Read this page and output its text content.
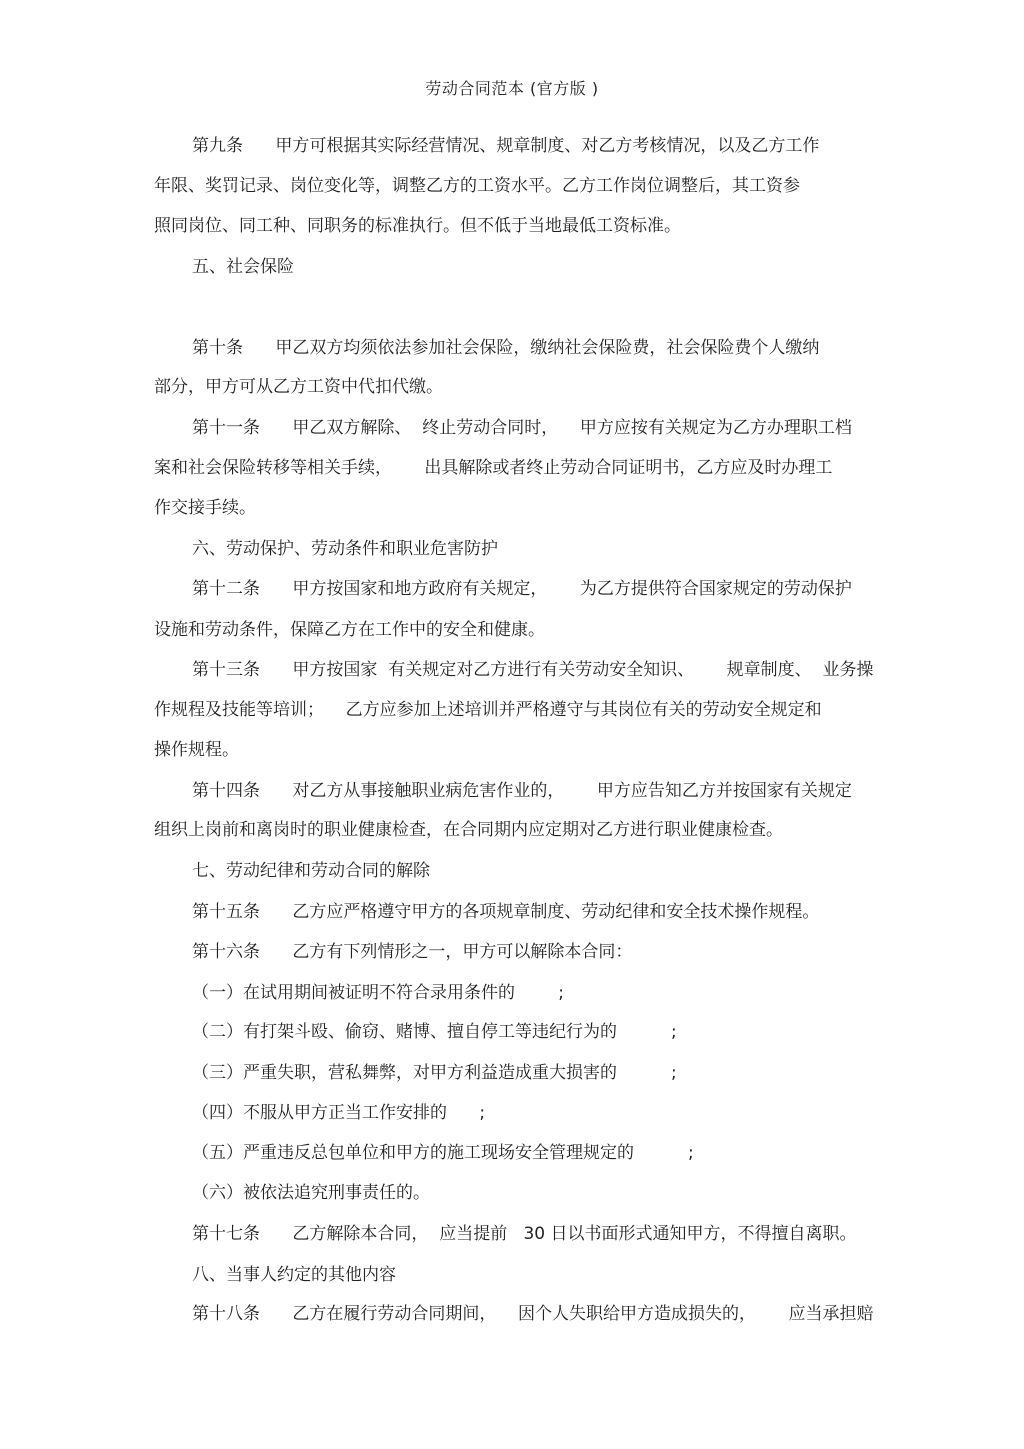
劳动合同范本 (官方版 )
第九条      甲方可根据其实际经营情况、规章制度、对乙方考核情况，以及乙方工作
年限、奖罚记录、岗位变化等，调整乙方的工资水平。乙方工作岗位调整后，其工资参
照同岗位、同工种、同职务的标准执行。但不低于当地最低工资标准。
五、社会保险
第十条      甲乙双方均须依法参加社会保险，缴纳社会保险费，社会保险费个人缴纳
部分，甲方可从乙方工资中代扣代缴。
第十一条      甲乙双方解除、  终止劳动合同时，    甲方应按有关规定为乙方办理职工档
案和社会保险转移等相关手续，      出具解除或者终止劳动合同证明书，乙方应及时办理工
作交接手续。
六、劳动保护、劳动条件和职业危害防护
第十二条      甲方按国家和地方政府有关规定，      为乙方提供符合国家规定的劳动保护
设施和劳动条件，保障乙方在工作中的安全和健康。
第十三条      甲方按国家  有关规定对乙方进行有关劳动安全知识、      规章制度、  业务操
作规程及技能等培训；    乙方应参加上述培训并严格遵守与其岗位有关的劳动安全规定和
操作规程。
第十四条      对乙方从事接触职业病危害作业的，      甲方应告知乙方并按国家有关规定
组织上岗前和离岗时的职业健康检查，在合同期内应定期对乙方进行职业健康检查。
七、劳动纪律和劳动合同的解除
第十五条      乙方应严格遵守甲方的各项规章制度、劳动纪律和安全技术操作规程。
第十六条      乙方有下列情形之一，甲方可以解除本合同：
（一）在试用期间被证明不符合录用条件的        ;
（二）有打架斗殴、偷窃、赌博、擅自停工等违纪行为的          ;
（三）严重失职，营私舞弊，对甲方利益造成重大损害的          ;
（四）不服从甲方正当工作安排的      ;
（五）严重违反总包单位和甲方的施工现场安全管理规定的          ;
（六）被依法追究刑事责任的。
第十七条      乙方解除本合同，  应当提前   30 日以书面形式通知甲方，不得擅自离职。
八、当事人约定的其他内容
第十八条      乙方在履行劳动合同期间，    因个人失职给甲方造成损失的，      应当承担赔
